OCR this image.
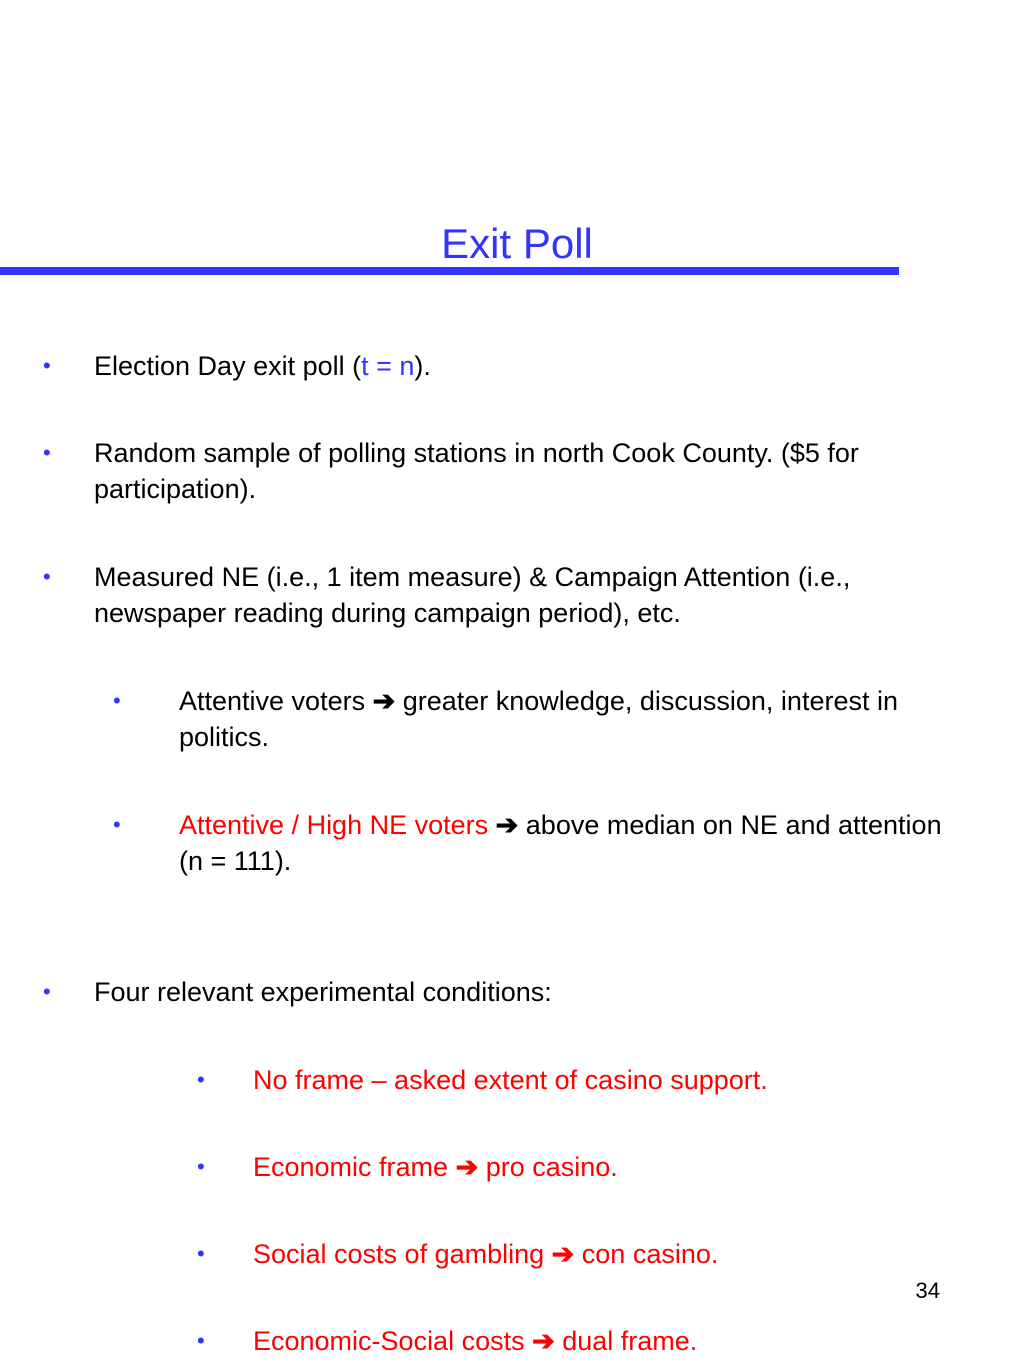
Exit Poll
• Election Day exit poll (t = n).
• Random sample of polling stations in north Cook County. ($5 for participation).
• Measured NE (i.e., 1 item measure) & Campaign Attention (i.e., newspaper reading during campaign period), etc.
• Attentive voters ➔ greater knowledge, discussion, interest in politics.
• Attentive / High NE voters ➔ above median on NE and attention (n = 111).
• Four relevant experimental conditions:
• No frame – asked extent of casino support.
• Economic frame ➔ pro casino.
• Social costs of gambling ➔ con casino.
34
• Economic-Social costs ➔ dual frame.
